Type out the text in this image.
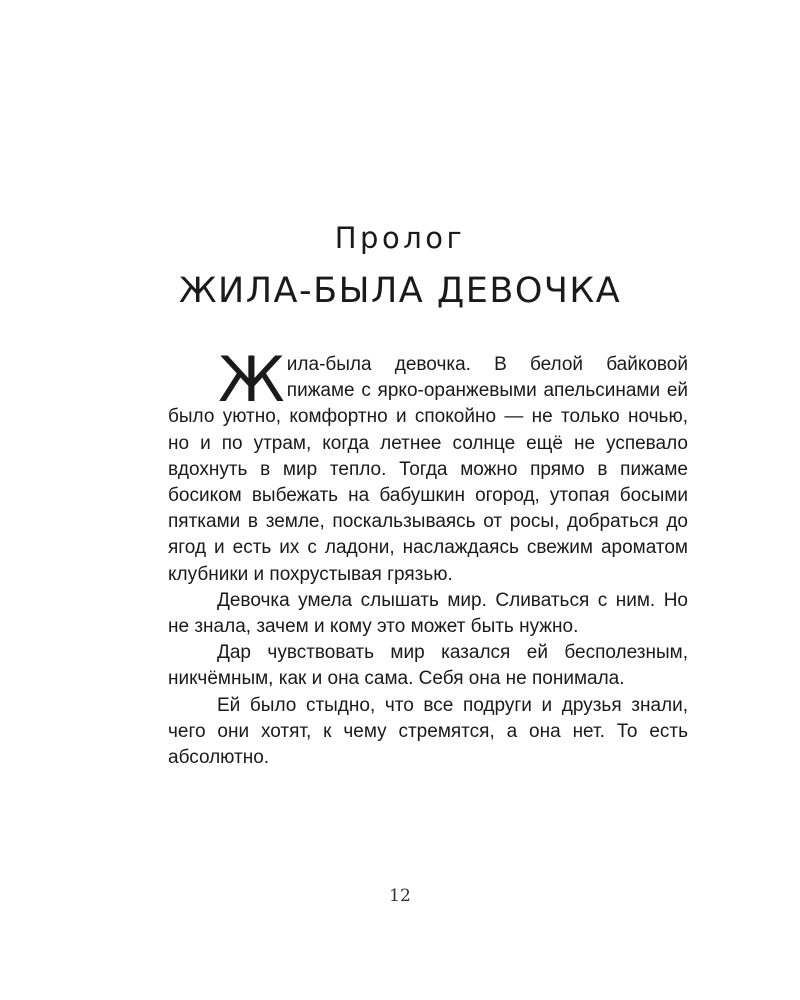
Пролог
ЖИЛА-БЫЛА ДЕВОЧКА

Жила-была девочка. В белой байковой пижаме с ярко-оранжевыми апельсинами ей было уютно, комфортно и спокойно — не только ночью, но и по утрам, когда летнее солнце ещё не успевало вдохнуть в мир тепло. Тогда можно прямо в пижаме босиком выбежать на бабушкин огород, утопая босыми пятками в земле, поскальзываясь от росы, добраться до ягод и есть их с ладони, наслаждаясь свежим ароматом клубники и похрустывая грязью.

Девочка умела слышать мир. Сливаться с ним. Но не знала, зачем и кому это может быть нужно.

Дар чувствовать мир казался ей бесполезным, никчёмным, как и она сама. Себя она не понимала.

Ей было стыдно, что все подруги и друзья знали, чего они хотят, к чему стремятся, а она нет. То есть абсолютно.

12
